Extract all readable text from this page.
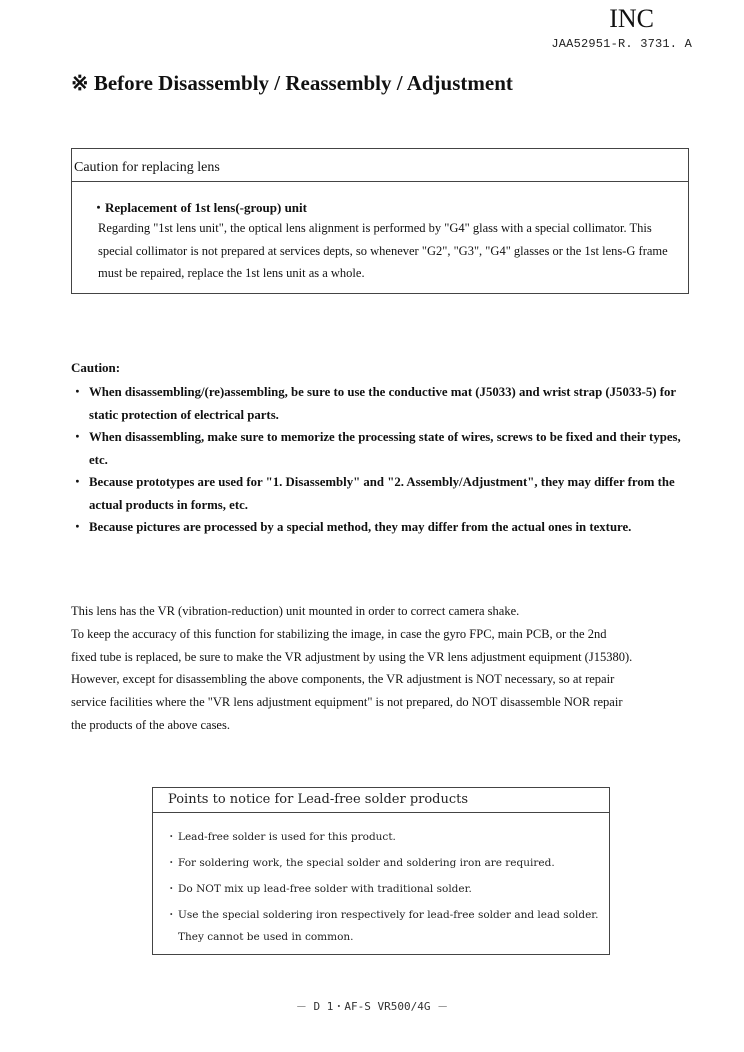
INC
JAA52951-R. 3731. A
※ Before Disassembly / Reassembly / Adjustment
Caution for replacing lens
・Replacement of 1st lens(-group) unit
Regarding "1st lens unit", the optical lens alignment is performed by "G4" glass with a special collimator. This special collimator is not prepared at services depts, so whenever "G2", "G3", "G4" glasses or the 1st lens-G frame must be repaired, replace the 1st lens unit as a whole.
Caution:
・ When disassembling/(re)assembling, be sure to use the conductive mat (J5033) and wrist strap (J5033-5) for static protection of electrical parts.
・ When disassembling, make sure to memorize the processing state of wires, screws to be fixed and their types, etc.
・ Because prototypes are used for "1. Disassembly" and "2. Assembly/Adjustment", they may differ from the actual products in forms, etc.
・ Because pictures are processed by a special method, they may differ from the actual ones in texture.
This lens has the VR (vibration-reduction) unit mounted in order to correct camera shake.
To keep the accuracy of this function for stabilizing the image, in case the gyro FPC, main PCB, or the 2nd
fixed tube is replaced, be sure to make the VR adjustment by using the VR lens adjustment equipment (J15380).
However, except for disassembling the above components, the VR adjustment is NOT necessary, so at repair
service facilities where the "VR lens adjustment equipment" is not prepared, do NOT disassemble NOR repair
the products of the above cases.
Points to notice for Lead-free solder products
・ Lead-free solder is used for this product.
・ For soldering work, the special solder and soldering iron are required.
・ Do NOT mix up lead-free solder with traditional solder.
・ Use the special soldering iron respectively for lead-free solder and lead solder. They cannot be used in common.
－ D 1・AF-S VR500/4G －
